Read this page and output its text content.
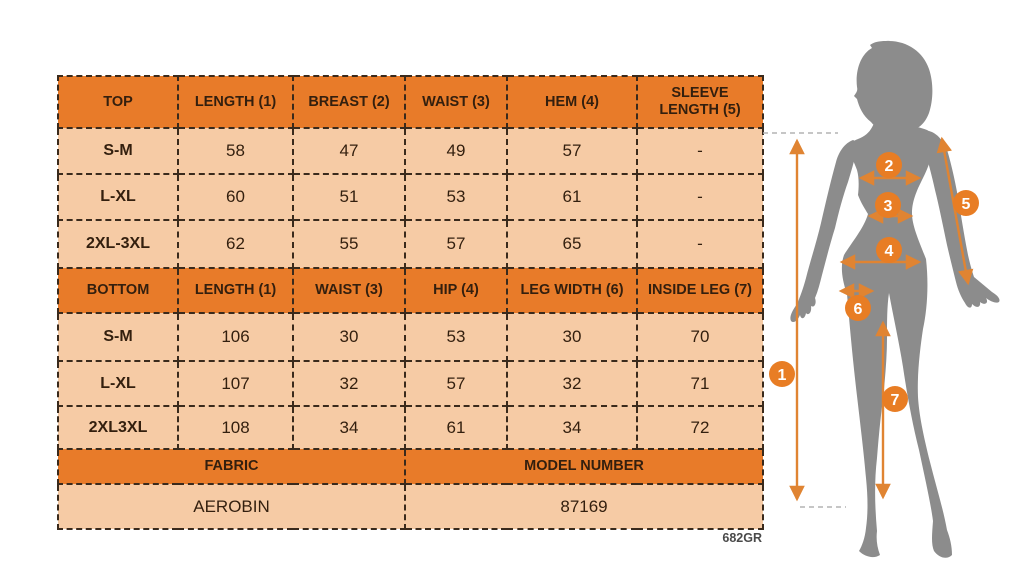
TOP	LENGTH (1)	BREAST (2)	WAIST (3)	HEM (4)	SLEEVE LENGTH (5)
S-M	58	47	49	57	-
L-XL	60	51	53	61	-
2XL-3XL	62	55	57	65	-
BOTTOM	LENGTH (1)	WAIST (3)	HIP (4)	LEG WIDTH (6)	INSIDE LEG (7)
S-M	106	30	53	30	70
L-XL	107	32	57	32	71
2XL3XL	108	34	61	34	72
FABRIC			MODEL NUMBER		
AEROBIN			87169		
682GR
1
2
3
4
5
6
7
